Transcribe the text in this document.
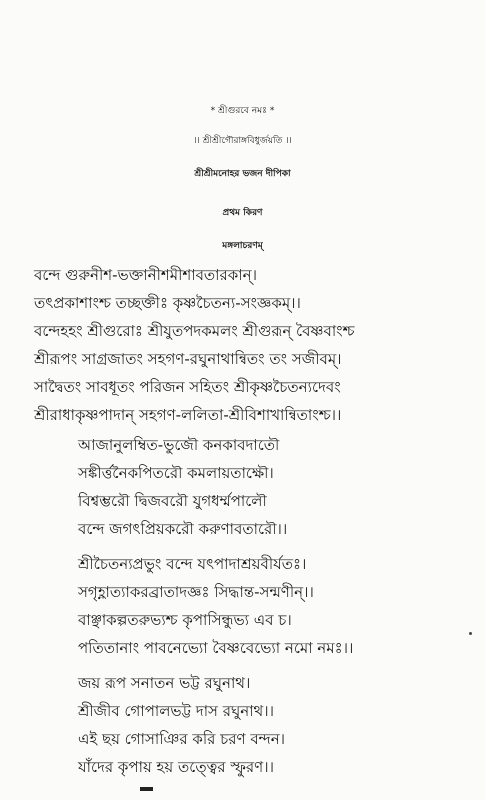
* শ্রীগুরবে নমঃ *
।। শ্রীশ্রীগৌরাঙ্গবিধুর্জয়তি ।।
শ্রীশ্রীমনোহর ভজন দীপিকা
প্রথম কিরণ
মঙ্গলাচরণম্
বন্দে গুরুনীশ-ভক্তানীশমীশাবতারকান্।
তৎপ্রকাশাংশ্চ তচ্ছক্তীঃ কৃষ্ণচৈতন্য-সংজ্ঞকম্।।
বন্দেহহং শ্রীগুরোঃ শ্রীযুতপদকমলং শ্রীগুরূন্ বৈষ্ণবাংশ্চ
শ্রীরূপং সাগ্রজাতং সহগণ-রঘুনাথান্বিতং তং সজীবম্।
সাদ্বৈতং সাবধূতং পরিজন সহিতং শ্রীকৃষ্ণচৈতন্যদেবং
শ্রীরাধাকৃষ্ণপাদান্ সহগণ-ললিতা-শ্রীবিশাখান্বিতাংশ্চ।।
আজানুলম্বিত-ভুজৌ কনকাবদাতৌ
সঙ্কীর্ত্তনৈকপিতরৌ কমলায়তাক্ষৌ।
বিশ্বম্ভরৌ দ্বিজবরৌ যুগধর্ম্মপালৌ
বন্দে জগৎপ্রিয়করৌ করুণাবতারৌ।।
শ্রীচৈতন্যপ্রভুং বন্দে যৎপাদাশ্রয়বীর্যতঃ।
সগৃহ্ণাত্যাকরব্রাতাদজ্ঞঃ সিদ্ধান্ত-সন্মণীন্।।
বাঞ্ছাকল্পতরুভ্যশ্চ কৃপাসিন্ধুভ্য এব চ।
পতিতানাং পাবনেভ্যো বৈষ্ণবেভ্যো নমো নমঃ।।
জয় রূপ সনাতন ভট্ট রঘুনাথ।
শ্রীজীব গোপালভট্ট দাস রঘুনাথ।।
এই ছয় গোসাঞির করি চরণ বন্দন।
যাঁদের কৃপায় হয় তত্ত্বের স্ফুরণ।।
